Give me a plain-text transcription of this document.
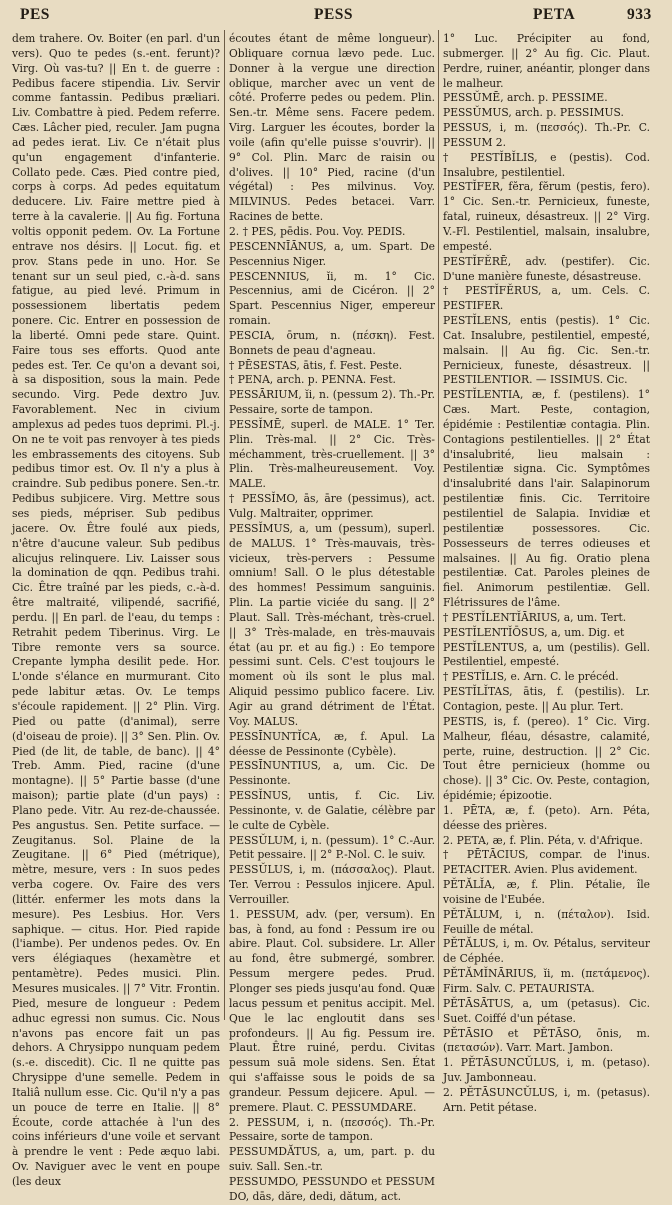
PES	PESS	PETA	933

dem trahere. Ov. Boiter (en parl. d'un vers). Quo te pedes (s.-ent. ferunt)? Virg. Où vas-tu? || En t. de guerre : Pedibus facere stipendia. Liv. Servir comme fantassin. Pedibus præliari. Liv. Combattre à pied. Pedem referre. Cæs. Lâcher pied, reculer. Jam pugna ad pedes ierat. Liv. Ce n'était plus qu'un engagement d'infanterie. Collato pede. Cæs. Pied contre pied, corps à corps. Ad pedes equitatum deducere. Liv. Faire mettre pied à terre à la cavalerie. || Au fig. Fortuna voltis opponit pedem. Ov. La Fortune entrave nos désirs. || Locut. fig. et prov. Stans pede in uno. Hor. Se tenant sur un seul pied, c.-à-d. sans fatigue, au pied levé. Primum in possessionem libertatis pedem ponere. Cic. Entrer en possession de la liberté. Omni pede stare. Quint. Faire tous ses efforts. Quod ante pedes est. Ter. Ce qu'on a devant soi, à sa disposition, sous la main. Pede secundo. Virg. Pede dextro Juv. Favorablement. Nec in civium amplexus ad pedes tuos deprimi. Pl.-j. On ne te voit pas renvoyer à tes pieds les embrassements des citoyens. Sub pedibus timor est. Ov. Il n'y a plus à craindre. Sub pedibus ponere. Sen.-tr. Pedibus subjicere. Virg. Mettre sous ses pieds, mépriser. Sub pedibus jacere. Ov. Être foulé aux pieds, n'être d'aucune valeur. Sub pedibus alicujus relinquere. Liv. Laisser sous la domination de qqn. Pedibus trahi. Cic. Être traîné par les pieds, c.-à-d. être maltraité, vilipendé, sacrifié, perdu. || En parl. de l'eau, du temps : Retrahit pedem Tiberinus. Virg. Le Tibre remonte vers sa source. Crepante lympha desilit pede. Hor. L'onde s'élance en murmurant. Cito pede labitur ætas. Ov. Le temps s'écoule rapidement. || 2° Plin. Virg. Pied ou patte (d'animal), serre (d'oiseau de proie). || 3° Sen. Plin. Ov. Pied (de lit, de table, de banc). || 4° Treb. Amm. Pied, racine (d'une montagne). || 5° Partie basse (d'une maison); partie plate (d'un pays) : Plano pede. Vitr. Au rez-de-chaussée. Pes angustus. Sen. Petite surface. — Zeugitanus. Sol. Plaine de la Zeugitane. || 6° Pied (métrique), mètre, mesure, vers : In suos pedes verba cogere. Ov. Faire des vers (littér. enfermer les mots dans la mesure). Pes Lesbius. Hor. Vers saphique. — citus. Hor. Pied rapide (l'iambe). Per undenos pedes. Ov. En vers élégiaques (hexamètre et pentamètre). Pedes musici. Plin. Mesures musicales. || 7° Vitr. Frontin. Pied, mesure de longueur : Pedem adhuc egressi non sumus. Cic. Nous n'avons pas encore fait un pas dehors. A Chrysippo nunquam pedem (s.-e. discedit). Cic. Il ne quitte pas Chrysippe d'une semelle. Pedem in Italiâ nullum esse. Cic. Qu'il n'y a pas un pouce de terre en Italie. || 8° Écoute, corde attachée à l'un des coins inférieurs d'une voile et servant à prendre le vent : Pede æquo labi. Ov. Naviguer avec le vent en poupe (les deux

écoutes étant de même longueur). Obliquare cornua lævo pede. Luc. Donner à la vergue une direction oblique, marcher avec un vent de côté. Proferre pedes ou pedem. Plin. Sen.-tr. Même sens. Facere pedem. Virg. Larguer les écoutes, border la voile (afin qu'elle puisse s'ouvrir). || 9° Col. Plin. Marc de raisin ou d'olives. || 10° Pied, racine (d'un végétal) : Pes milvinus. Voy. MILVINUS. Pedes betacei. Varr. Racines de bette.

2. † PES, pēdis. Pou. Voy. PEDIS.

PESCENNĪĀNUS, a, um. Spart. De Pescennius Niger.

PESCENNIUS, ĭi, m. 1° Cic. Pescennius, ami de Cicéron. || 2° Spart. Pescennius Niger, empereur romain.

PESCIA, ōrum, n. (πέσκη). Fest. Bonnets de peau d'agneau.

† PĒSESTAS, ātis, f. Fest. Peste.

† PENA, arch. p. PENNA. Fest.

PESSĀRIUM, ĭi, n. (pessum 2). Th.-Pr. Pessaire, sorte de tampon.

PESSĬMĒ, superl. de MALE. 1° Ter. Plin. Très-mal. || 2° Cic. Très-méchamment, très-cruellement. || 3° Plin. Très-malheureusement. Voy. MALE.

† PESSĬMO, ās, āre (pessimus), act. Vulg. Maltraiter, opprimer.

PESSĬMUS, a, um (pessum), superl. de MALUS. 1° Très-mauvais, très-vicieux, très-pervers : Pessume omnium! Sall. O le plus détestable des hommes! Pessimum sanguinis. Plin. La partie viciée du sang. || 2° Plaut. Sall. Très-méchant, très-cruel. || 3° Très-malade, en très-mauvais état (au pr. et au fig.) : Eo tempore pessimi sunt. Cels. C'est toujours le moment où ils sont le plus mal. Aliquid pessimo publico facere. Liv. Agir au grand détriment de l'État. Voy. MALUS.

PESSĪNUNTĬCA, æ, f. Apul. La déesse de Pessinonte (Cybèle).

PESSĪNUNTIUS, a, um. Cic. De Pessinonte.

PESSĬNUS, untis, f. Cic. Liv. Pessinonte, v. de Galatie, célèbre par le culte de Cybèle.

PESSŬLUM, i, n. (pessum). 1° C.-Aur. Petit pessaire. || 2° P.-Nol. C. le suiv.

PESSŬLUS, i, m. (πάσσαλος). Plaut. Ter. Verrou : Pessulos injicere. Apul. Verrouiller.

1. PESSUM, adv. (per, versum). En bas, à fond, au fond : Pessum ire ou abire. Plaut. Col. subsidere. Lr. Aller au fond, être submergé, sombrer. Pessum mergere pedes. Prud. Plonger ses pieds jusqu'au fond. Quæ lacus pessum et penitus accipit. Mel. Que le lac engloutit dans ses profondeurs. || Au fig. Pessum ire. Plaut. Être ruiné, perdu. Civitas pessum suā mole sidens. Sen. État qui s'affaisse sous le poids de sa grandeur. Pessum dejicere. Apul. — premere. Plaut. C. PESSUMDARE.

2. PESSUM, i, n. (πεσσός). Th.-Pr. Pessaire, sorte de tampon.

PESSUMDĂTUS, a, um, part. p. du suiv. Sall. Sen.-tr.

PESSUMDO, PESSUNDO et PESSUM DO, dās, dăre, dedi, dătum, act.

1° Luc. Précipiter au fond, submerger. || 2° Au fig. Cic. Plaut. Perdre, ruiner, anéantir, plonger dans le malheur.

PESSŬMĒ, arch. p. PESSIME.

PESSŬMUS, arch. p. PESSIMUS.

PESSUS, i, m. (πεσσός). Th.-Pr. C. PESSUM 2.

† PESTĬBĬLIS, e (pestis). Cod. Insalubre, pestilentiel.

PESTĬFER, fĕra, fĕrum (pestis, fero). 1° Cic. Sen.-tr. Pernicieux, funeste, fatal, ruineux, désastreux. || 2° Virg. V.-Fl. Pestilentiel, malsain, insalubre, empesté.

PESTĬFĔRĒ, adv. (pestifer). Cic. D'une manière funeste, désastreuse.

† PESTĬFĔRUS, a, um. Cels. C. PESTIFER.

PESTĬLENS, entis (pestis). 1° Cic. Cat. Insalubre, pestilentiel, empesté, malsain. || Au fig. Cic. Sen.-tr. Pernicieux, funeste, désastreux. || PESTILENTIOR. — ISSIMUS. Cic.

PESTĬLENTIA, æ, f. (pestilens). 1° Cæs. Mart. Peste, contagion, épidémie : Pestilentiæ contagia. Plin. Contagions pestilentielles. || 2° État d'insalubrité, lieu malsain : Pestilentiæ signa. Cic. Symptômes d'insalubrité dans l'air. Salapinorum pestilentiæ finis. Cic. Territoire pestilentiel de Salapia. Invidiæ et pestilentiæ possessores. Cic. Possesseurs de terres odieuses et malsaines. || Au fig. Oratio plena pestilentiæ. Cat. Paroles pleines de fiel. Animorum pestilentiæ. Gell. Flétrissures de l'âme.

† PESTĬLENTĬĀRIUS, a, um. Tert.

PESTĬLENTĬŌSUS, a, um. Dig. et

PESTĬLENTUS, a, um (pestilis). Gell. Pestilentiel, empesté.

† PESTĬLIS, e. Arn. C. le précéd.

PESTĬLĬTAS, ātis, f. (pestilis). Lr. Contagion, peste. || Au plur. Tert.

PESTIS, is, f. (pereo). 1° Cic. Virg. Malheur, fléau, désastre, calamité, perte, ruine, destruction. || 2° Cic. Tout être pernicieux (homme ou chose). || 3° Cic. Ov. Peste, contagion, épidémie; épizootie.

1. PĒTA, æ, f. (peto). Arn. Péta, déesse des prières.

2. PETA, æ, f. Plin. Péta, v. d'Afrique.

† PĒTĀCIUS, compar. de l'inus. PETACITER. Avien. Plus avidement.

PĔTĂLĬA, æ, f. Plin. Pétalie, île voisine de l'Eubée.

PĔTĂLUM, i, n. (πέταλον). Isid. Feuille de métal.

PĔTĂLUS, i, m. Ov. Pétalus, serviteur de Céphée.

PĔTĂMĬNĀRIUS, ĭi, m. (πετάμενος). Firm. Salv. C. PETAURISTA.

PĔTĀSĀTUS, a, um (petasus). Cic. Suet. Coiffé d'un pétase.

PĔTĀSIO et PĔTĀSO, ōnis, m. (πετασών). Varr. Mart. Jambon.

1. PĔTĀSUNCŬLUS, i, m. (petaso). Juv. Jambonneau.

2. PĔTĀSUNCŬLUS, i, m. (petasus). Arn. Petit pétase.
